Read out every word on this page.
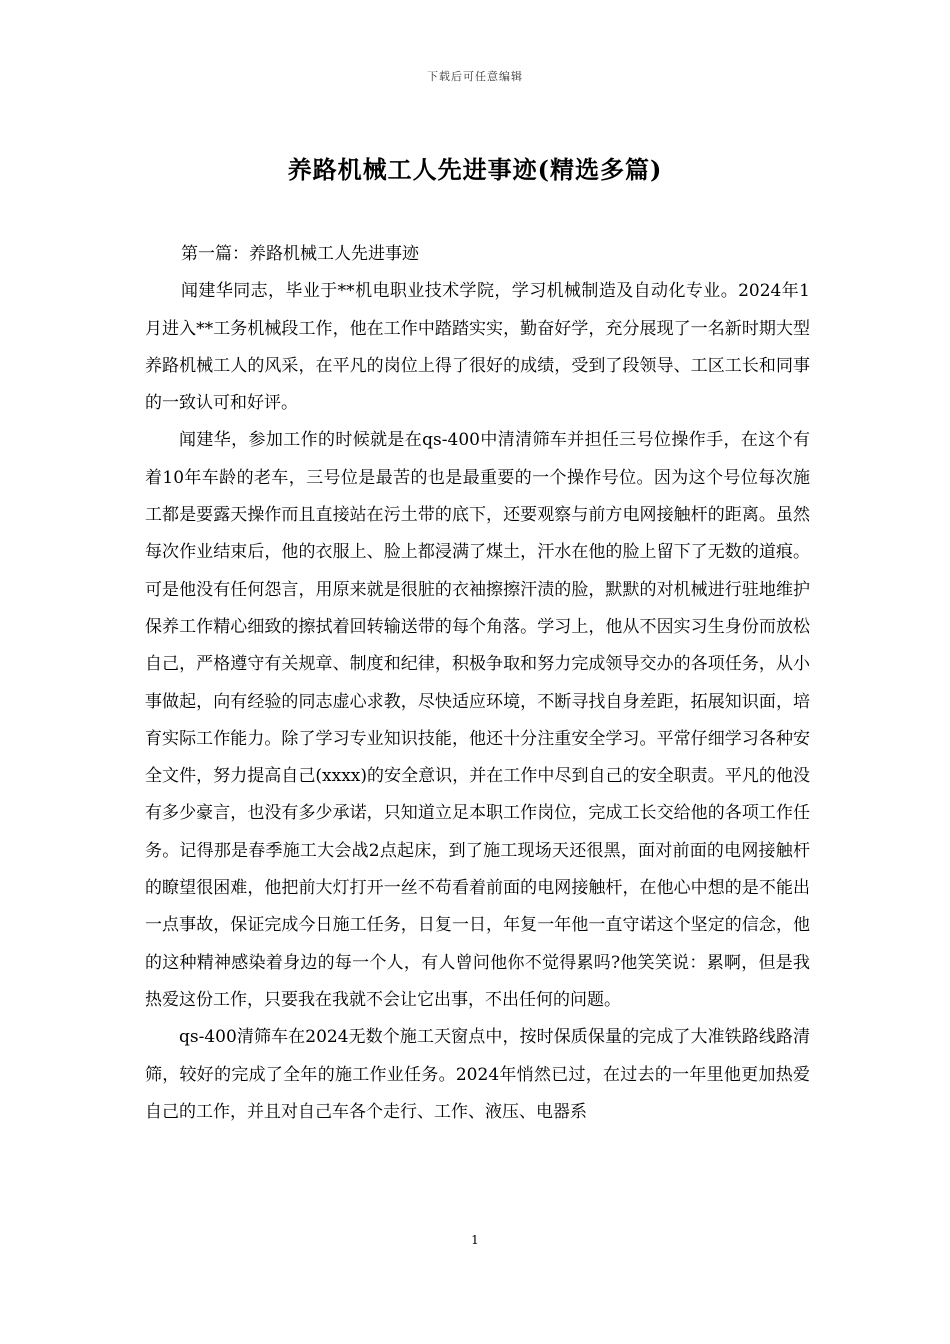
下载后可任意编辑
养路机械工人先进事迹(精选多篇)

第一篇：养路机械工人先进事迹

闻建华同志，毕业于**机电职业技术学院，学习机械制造及自动化专业。2024年1月进入**工务机械段工作，他在工作中踏踏实实，勤奋好学，充分展现了一名新时期大型养路机械工人的风采，在平凡的岗位上得了很好的成绩，受到了段领导、工区工长和同事的一致认可和好评。

闻建华，参加工作的时候就是在qs-400中清清筛车并担任三号位操作手，在这个有着10年车龄的老车，三号位是最苦的也是最重要的一个操作号位。因为这个号位每次施工都是要露天操作而且直接站在污土带的底下，还要观察与前方电网接触杆的距离。虽然每次作业结束后，他的衣服上、脸上都浸满了煤土，汗水在他的脸上留下了无数的道痕。可是他没有任何怨言，用原来就是很脏的衣袖擦擦汗渍的脸，默默的对机械进行驻地维护保养工作精心细致的擦拭着回转输送带的每个角落。学习上，他从不因实习生身份而放松自己，严格遵守有关规章、制度和纪律，积极争取和努力完成领导交办的各项任务，从小事做起，向有经验的同志虚心求教，尽快适应环境，不断寻找自身差距，拓展知识面，培育实际工作能力。除了学习专业知识技能，他还十分注重安全学习。平常仔细学习各种安全文件，努力提高自己(xxxx)的安全意识，并在工作中尽到自己的安全职责。平凡的他没有多少豪言，也没有多少承诺，只知道立足本职工作岗位，完成工长交给他的各项工作任务。记得那是春季施工大会战2点起床，到了施工现场天还很黑，面对前面的电网接触杆的瞭望很困难，他把前大灯打开一丝不苟看着前面的电网接触杆，在他心中想的是不能出一点事故，保证完成今日施工任务，日复一日，年复一年他一直守诺这个坚定的信念，他的这种精神感染着身边的每一个人，有人曾问他你不觉得累吗?他笑笑说：累啊，但是我热爱这份工作，只要我在我就不会让它出事，不出任何的问题。

qs-400清筛车在2024无数个施工天窗点中，按时保质保量的完成了大准铁路线路清筛，较好的完成了全年的施工作业任务。2024年悄然已过，在过去的一年里他更加热爱自己的工作，并且对自己车各个走行、工作、液压、电器系

1
